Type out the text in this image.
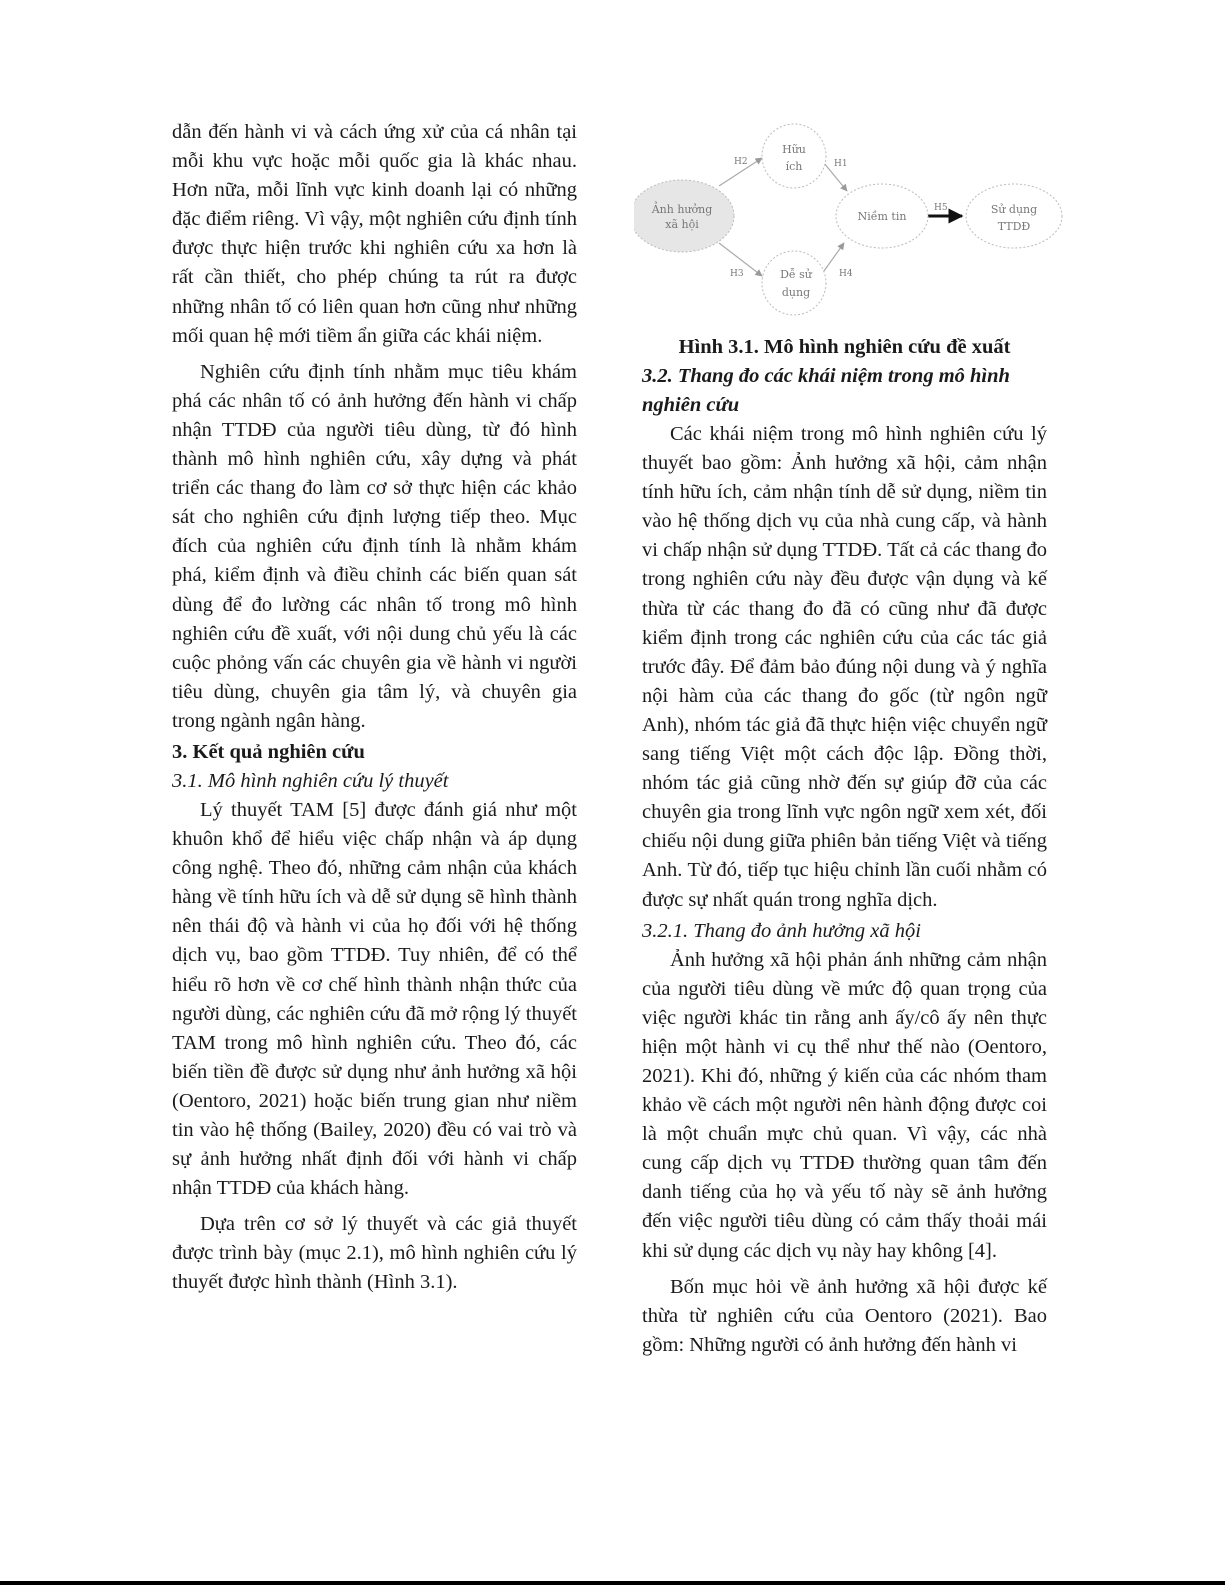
dẫn đến hành vi và cách ứng xử của cá nhân tại mỗi khu vực hoặc mỗi quốc gia là khác nhau. Hơn nữa, mỗi lĩnh vực kinh doanh lại có những đặc điểm riêng. Vì vậy, một nghiên cứu định tính được thực hiện trước khi nghiên cứu xa hơn là rất cần thiết, cho phép chúng ta rút ra được những nhân tố có liên quan hơn cũng như những mối quan hệ mới tiềm ẩn giữa các khái niệm.

Nghiên cứu định tính nhằm mục tiêu khám phá các nhân tố có ảnh hưởng đến hành vi chấp nhận TTDĐ của người tiêu dùng, từ đó hình thành mô hình nghiên cứu, xây dựng và phát triển các thang đo làm cơ sở thực hiện các khảo sát cho nghiên cứu định lượng tiếp theo. Mục đích của nghiên cứu định tính là nhằm khám phá, kiểm định và điều chỉnh các biến quan sát dùng để đo lường các nhân tố trong mô hình nghiên cứu đề xuất, với nội dung chủ yếu là các cuộc phỏng vấn các chuyên gia về hành vi người tiêu dùng, chuyên gia tâm lý, và chuyên gia trong ngành ngân hàng.

3. Kết quả nghiên cứu

3.1. Mô hình nghiên cứu lý thuyết

Lý thuyết TAM [5] được đánh giá như một khuôn khổ để hiểu việc chấp nhận và áp dụng công nghệ. Theo đó, những cảm nhận của khách hàng về tính hữu ích và dễ sử dụng sẽ hình thành nên thái độ và hành vi của họ đối với hệ thống dịch vụ, bao gồm TTDĐ. Tuy nhiên, để có thể hiểu rõ hơn về cơ chế hình thành nhận thức của người dùng, các nghiên cứu đã mở rộng lý thuyết TAM trong mô hình nghiên cứu. Theo đó, các biến tiền đề được sử dụng như ảnh hưởng xã hội (Oentoro, 2021) hoặc biến trung gian như niềm tin vào hệ thống (Bailey, 2020) đều có vai trò và sự ảnh hưởng nhất định đối với hành vi chấp nhận TTDĐ của khách hàng.

Dựa trên cơ sở lý thuyết và các giả thuyết được trình bày (mục 2.1), mô hình nghiên cứu lý thuyết được hình thành (Hình 3.1).

Ảnh hưởng
xã hội
Hữu
ích
Dễ sử
dụng
Niềm tin
Sử dụng
TTDĐ
H2
H3
H1
H4
H5

Hình 3.1. Mô hình nghiên cứu đề xuất

3.2. Thang đo các khái niệm trong mô hình nghiên cứu

Các khái niệm trong mô hình nghiên cứu lý thuyết bao gồm: Ảnh hưởng xã hội, cảm nhận tính hữu ích, cảm nhận tính dễ sử dụng, niềm tin vào hệ thống dịch vụ của nhà cung cấp, và hành vi chấp nhận sử dụng TTDĐ. Tất cả các thang đo trong nghiên cứu này đều được vận dụng và kế thừa từ các thang đo đã có cũng như đã được kiểm định trong các nghiên cứu của các tác giả trước đây. Để đảm bảo đúng nội dung và ý nghĩa nội hàm của các thang đo gốc (từ ngôn ngữ Anh), nhóm tác giả đã thực hiện việc chuyển ngữ sang tiếng Việt một cách độc lập. Đồng thời, nhóm tác giả cũng nhờ đến sự giúp đỡ của các chuyên gia trong lĩnh vực ngôn ngữ xem xét, đối chiếu nội dung giữa phiên bản tiếng Việt và tiếng Anh. Từ đó, tiếp tục hiệu chỉnh lần cuối nhằm có được sự nhất quán trong nghĩa dịch.

3.2.1. Thang đo ảnh hưởng xã hội

Ảnh hưởng xã hội phản ánh những cảm nhận của người tiêu dùng về mức độ quan trọng của việc người khác tin rằng anh ấy/cô ấy nên thực hiện một hành vi cụ thể như thế nào (Oentoro, 2021). Khi đó, những ý kiến của các nhóm tham khảo về cách một người nên hành động được coi là một chuẩn mực chủ quan. Vì vậy, các nhà cung cấp dịch vụ TTDĐ thường quan tâm đến danh tiếng của họ và yếu tố này sẽ ảnh hưởng đến việc người tiêu dùng có cảm thấy thoải mái khi sử dụng các dịch vụ này hay không [4].

Bốn mục hỏi về ảnh hưởng xã hội được kế thừa từ nghiên cứu của Oentoro (2021). Bao gồm: Những người có ảnh hưởng đến hành vi
